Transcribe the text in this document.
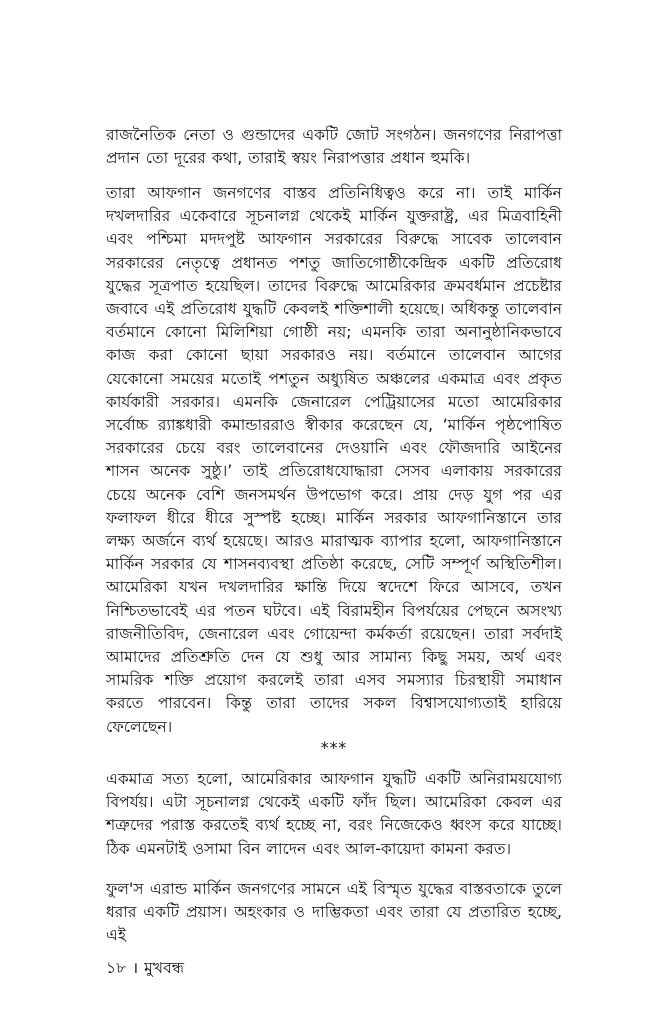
রাজনৈতিক নেতা ও গুন্ডাদের একটি জোট সংগঠন। জনগণের নিরাপত্তা প্রদান তো দূরের কথা, তারাই স্বয়ং নিরাপত্তার প্রধান হুমকি।

তারা আফগান জনগণের বাস্তব প্রতিনিধিত্বও করে না। তাই মার্কিন দখলদারির একেবারে সূচনালগ্ন থেকেই মার্কিন যুক্তরাষ্ট্র, এর মিত্রবাহিনী এবং পশ্চিমা মদদপুষ্ট আফগান সরকারের বিরুদ্ধে সাবেক তালেবান সরকারের নেতৃত্বে প্রধানত পশতু জাতিগোষ্ঠীকেন্দ্রিক একটি প্রতিরোধ যুদ্ধের সূত্রপাত হয়েছিল। তাদের বিরুদ্ধে আমেরিকার ক্রমবর্ধমান প্রচেষ্টার জবাবে এই প্রতিরোধ যুদ্ধটি কেবলই শক্তিশালী হয়েছে। অধিকন্তু তালেবান বর্তমানে কোনো মিলিশিয়া গোষ্ঠী নয়; এমনকি তারা অনানুষ্ঠানিকভাবে কাজ করা কোনো ছায়া সরকারও নয়। বর্তমানে তালেবান আগের যেকোনো সময়ের মতোই পশতুন অধ্যুষিত অঞ্চলের একমাত্র এবং প্রকৃত কার্যকারী সরকার। এমনকি জেনারেল পেট্রিয়াসের মতো আমেরিকার সর্বোচ্চ র‍্যাঙ্কধারী কমান্ডাররাও স্বীকার করেছেন যে, ‘মার্কিন পৃষ্ঠপোষিত সরকারের চেয়ে বরং তালেবানের দেওয়ানি এবং ফৌজদারি আইনের শাসন অনেক সুষ্ঠু।’ তাই প্রতিরোধযোদ্ধারা সেসব এলাকায় সরকারের চেয়ে অনেক বেশি জনসমর্থন উপভোগ করে। প্রায় দেড় যুগ পর এর ফলাফল ধীরে ধীরে সুস্পষ্ট হচ্ছে। মার্কিন সরকার আফগানিস্তানে তার লক্ষ্য অর্জনে ব্যর্থ হয়েছে। আরও মারাত্মক ব্যাপার হলো, আফগানিস্তানে মার্কিন সরকার যে শাসনব্যবস্থা প্রতিষ্ঠা করেছে, সেটি সম্পূর্ণ অস্থিতিশীল। আমেরিকা যখন দখলদারির ক্ষান্তি দিয়ে স্বদেশে ফিরে আসবে, তখন নিশ্চিতভাবেই এর পতন ঘটবে। এই বিরামহীন বিপর্যয়ের পেছনে অসংখ্য রাজনীতিবিদ, জেনারেল এবং গোয়েন্দা কর্মকর্তা রয়েছেন। তারা সর্বদাই আমাদের প্রতিশ্রুতি দেন যে শুধু আর সামান্য কিছু সময়, অর্থ এবং সামরিক শক্তি প্রয়োগ করলেই তারা এসব সমস্যার চিরস্থায়ী সমাধান করতে পারবেন। কিন্তু তারা তাদের সকল বিশ্বাসযোগ্যতাই হারিয়ে ফেলেছেন।

***

একমাত্র সত্য হলো, আমেরিকার আফগান যুদ্ধটি একটি অনিরাময়যোগ্য বিপর্যয়। এটা সূচনালগ্ন থেকেই একটি ফাঁদ ছিল। আমেরিকা কেবল এর শত্রুদের পরাস্ত করতেই ব্যর্থ হচ্ছে না, বরং নিজেকেও ধ্বংস করে যাচ্ছে। ঠিক এমনটাই ওসামা বিন লাদেন এবং আল-কায়েদা কামনা করত।

ফুল'স এরান্ড মার্কিন জনগণের সামনে এই বিস্মৃত যুদ্ধের বাস্তবতাকে তুলে ধরার একটি প্রয়াস। অহংকার ও দাম্ভিকতা এবং তারা যে প্রতারিত হচ্ছে, এই

১৮ । মুখবন্ধ
